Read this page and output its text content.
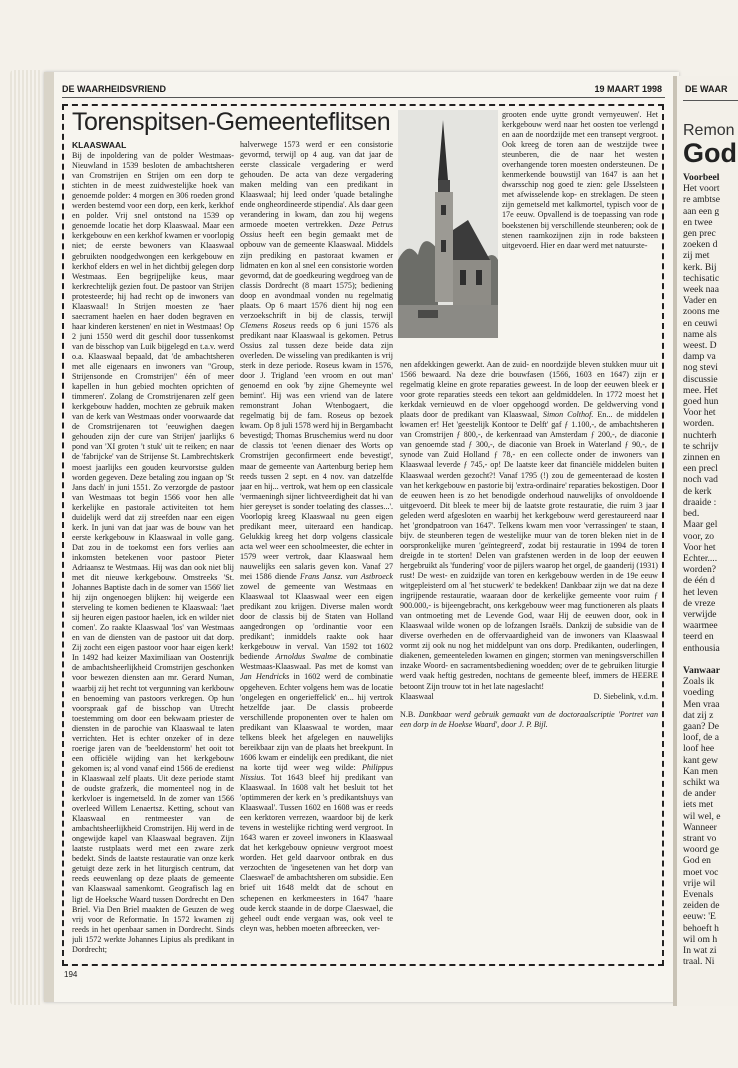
DE WAARHEIDSVRIEND	19 MAART 1998
Torenspitsen-Gemeenteflitsen

KLAASWAAL

Bij de inpoldering van de polder Westmaas-Nieuwland in 1539 besloten de ambachtsheren van Cromstrijen en Strijen om een dorp te stichten in de meest zuidwestelijke hoek van genoemde polder: 4 morgen en 306 roeden grond werden bestemd voor een dorp, een kerk, kerkhof en polder. Vrij snel ontstond na 1539 op genoemde locatie het dorp Klaaswaal. Maar een kerkgebouw en een kerkhof kwamen er voorlopig niet; de eerste bewoners van Klaaswaal gebruikten noodgedwongen een kerkgebouw en kerkhof elders en wel in het dichtbij gelegen dorp Westmaas. Een begrijpelijke keus, maar kerkrechtelijk gezien fout. De pastoor van Strijen protesteerde; hij had recht op de inwoners van Klaaswaal! In Strijen moesten ze 'haer saecrament haelen en haer doden begraven en haar kinderen kerstenen' en niet in Westmaas! Op 2 juni 1550 werd dit geschil door tussenkomst van de bisschop van Luik bijgelegd en t.a.v. werd o.a. Klaaswaal bepaald, dat 'de ambachtsheren met alle eigenaars en inwoners van "Group, Strijensonde en Cromstrijen" één of meer kapellen in hun gebied mochten oprichten of timmeren'. Zolang de Cromstrijenaren zelf geen kerkgebouw hadden, mochten ze gebruik maken van de kerk van Westmaas onder voorwaarde dat de Cromstrijenaren tot 'eeuwighen daegen gehouden zijn der cure van Strijen' jaarlijks 6 pond van 'XI groten 't stuk' uit te reiken; en naar de 'fabrijcke' van de Strijense St. Lambrechtskerk moest jaarlijks een gouden keurvorstse gulden worden gegeven. Deze betaling zou ingaan op 'St Jans dach' in juni 1551. Zo verzorgde de pastoor van Westmaas tot begin 1566 voor hen alle kerkelijke en pastorale activiteiten tot hem duidelijk werd dat zij streefden naar een eigen kerk. In juni van dat jaar was de bouw van het eerste kerkgebouw in Klaaswaal in volle gang. Dat zou in de toekomst een fors verlies aan inkomsten betekenen voor pastoor Pieter Adriaansz te Westmaas. Hij was dan ook niet blij met dit nieuwe kerkgebouw. Omstreeks 'St. Johannes Baptiste dach in de somer van 1566' liet hij zijn ongenoegen blijken: hij weigerde een sterveling te komen bedienen te Klaaswaal: 'laet sij heuren eigen pastoor haelen, ick en wilder niet comen'. Zo raakte Klaaswaal 'los' van Westmaas en van de diensten van de pastoor uit dat dorp. Zij zocht een eigen pastoor voor haar eigen kerk! In 1492 had keizer Maximiliaan van Oostenrijk de ambachtsheerlijkheid Cromstrijen geschonken voor bewezen diensten aan mr. Gerard Numan, waarbij zij het recht tot vergunning van kerkbouw en benoeming van pastoors verkregen. Op hun voorspraak gaf de bisschop van Utrecht toestemming om door een bekwaam priester de diensten in de parochie van Klaaswaal te laten verrichten. Het is echter onzeker of in deze roerige jaren van de 'beeldenstorm' het ooit tot een officiële wijding van het kerkgebouw gekomen is; al vond vanaf eind 1566 de eredienst in Klaaswaal zelf plaats. Uit deze periode stamt de oudste grafzerk, die momenteel nog in de kerkvloer is ingemetseld. In de zomer van 1566 overleed Willem Lenaertsz. Ketting, schout van Klaaswaal en rentmeester van de ambachtsheerlijkheid Cromstrijen. Hij werd in de ongewijde kapel van Klaaswaal begraven. Zijn laatste rustplaats werd met een zware zerk bedekt. Sinds de laatste restauratie van onze kerk getuigt deze zerk in het liturgisch centrum, dat reeds eeuwenlang op deze plaats de gemeente van Klaaswaal samenkomt. Geografisch lag en ligt de Hoeksche Waard tussen Dordrecht en Den Briel. Via Den Briel maakten de Geuzen de weg vrij voor de Reformatie. In 1572 kwamen zij reeds in het openbaar samen in Dordrecht. Sinds juli 1572 werkte Johannes Lipius als predikant in Dordrecht;

halverwege 1573 werd er een consistorie gevormd, terwijl op 4 aug. van dat jaar de eerste classicale vergadering er werd gehouden. De acta van deze vergadering maken melding van een predikant in Klaaswaal; hij leed onder 'quade betalinghe ende ongheordineerde stipendia'. Als daar geen verandering in kwam, dan zou hij wegens armoede moeten vertrekken. Deze Petrus Ossius heeft een begin gemaakt met de opbouw van de gemeente Klaaswaal. Middels zijn prediking en pastoraat kwamen er lidmaten en kon al snel een consistorie worden gevormd, dat de goedkeuring wegdroeg van de classis Dordrecht (8 maart 1575); bediening doop en avondmaal vonden nu regelmatig plaats. Op 6 maart 1576 dient hij nog een verzoekschrift in bij de classis, terwijl Clemens Roseus reeds op 6 juni 1576 als predikant naar Klaaswaal is gekomen. Petrus Ossius zal tussen deze beide data zijn overleden. De wisseling van predikanten is vrij sterk in deze periode. Roseus kwam in 1576, door J. Trigland 'een vroom en out man' genoemd en ook 'by zijne Ghemeynte wel bemint'. Hij was een vriend van de latere remonstrant Johan Wtenbogaert, die regelmatig bij de fam. Roseus op bezoek kwam. Op 8 juli 1578 werd hij in Bergambacht bevestigd; Thomas Bruschemius werd nu door de classis tot 'eenen dienaer des Worts op Cromstrijen geconfirmeert ende bevestigt', maar de gemeente van Aartenburg beriep hem reeds tussen 2 sept. en 4 nov. van datzelfde jaar en hij... vertrok, wat hem op een classicale 'vermaeningh sijner lichtveerdigheit dat hi van hier gereyset is sonder toelating des classes...'. Voorlopig kreeg Klaaswaal nu geen eigen predikant meer, uiteraard een handicap. Gelukkig kreeg het dorp volgens classicale acta wel weer een schoolmeester, die echter in 1579 weer vertrok, daar Klaaswaal hem nauwelijks een salaris geven kon. Vanaf 27 mei 1586 diende Frans Jansz. van Astbroeck zowel de gemeente van Westmaas en Klaaswaal tot Klaaswaal weer een eigen predikant zou krijgen. Diverse malen wordt door de classis bij de Staten van Holland aangedrongen op 'ordinantie voor een predikant'; inmiddels raakte ook haar kerkgebouw in verval. Van 1592 tot 1602 bediende Arnoldus Swalme de combinatie Westmaas-Klaaswaal. Pas met de komst van Jan Hendricks in 1602 werd de combinatie opgeheven. Echter volgens hem was de locatie 'ongelegen en ongerieffelick' en... hij vertrok hetzelfde jaar. De classis probeerde verschillende proponenten over te halen om predikant van Klaaswaal te worden, maar telkens bleek het afgelegen en nauwelijks bereikbaar zijn van de plaats het breekpunt. In 1606 kwam er eindelijk een predikant, die niet na korte tijd weer weg wilde: Philippus Nissius. Tot 1643 bleef hij predikant van Klaaswaal. In 1608 valt het besluit tot het 'optimmeren der kerk en 's predikantshuys van Klaaswaal'. Tussen 1602 en 1608 was er reeds een kerktoren verrezen, waardoor bij de kerk tevens in westelijke richting werd vergroot. In 1643 waren er zoveel inwoners in Klaaswaal dat het kerkgebouw opnieuw vergroot moest worden. Het geld daarvoor ontbrak en dus verzochten de 'ingesetenen van het dorp van Claeswael' de ambachtsheren om subsidie. Een brief uit 1648 meldt dat de schout en schepenen en kerkmeesters in 1647 'haare oude kerck staande in de dorpe Claeswael, die geheel oudt ende vergaan was, ook veel te cleyn was, hebben moeten afbreecken, ver-

grooten ende uytte grondt vernyeuwen'. Het kerkgebouw werd naar het oosten toe verlengd en aan de noordzijde met een transept vergroot. Ook kreeg de toren aan de westzijde twee steunberen, die de naar het westen overhangende toren moesten ondersteunen. De kenmerkende bouwstijl van 1647 is aan het dwarsschip nog goed te zien: gele IJsselsteen met afwisselende kop- en streklagen. De steen zijn gemetseld met kalkmortel, typisch voor de 17e eeuw. Opvallend is de toepassing van rode boekstenen bij verschillende steunberen; ook de stenen raamkozijnen zijn in rode baksteen uitgevoerd. Hier en daar werd met natuurste-

nen afdekkingen gewerkt. Aan de zuid- en noordzijde bleven stukken muur uit 1566 bewaard. Na deze drie bouwfasen (1566, 1603 en 1647) zijn er regelmatig kleine en grote reparaties geweest. In de loop der eeuwen bleek er voor grote reparaties steeds een tekort aan geldmiddelen. In 1772 moest het kerkdak vernieuwd en de vloer opgehoogd worden. De geldwerving vond plaats door de predikant van Klaaswaal, Simon Colthof. En... de middelen kwamen er! Het 'geestelijk Kontoor te Delft' gaf ƒ 1.100,-, de ambachtsheren van Cromstrijen ƒ 800,-, de kerkenraad van Amsterdam ƒ 200,-, de diaconie van genoemde stad ƒ 300,-, de diaconie van Broek in Waterland ƒ 90,-, de synode van Zuid Holland ƒ 78,- en een collecte onder de inwoners van Klaaswaal leverde ƒ 745,- op! De laatste keer dat financiële middelen buiten Klaaswaal werden gezocht?! Vanaf 1795 (!) zou de gemeenteraad de kosten van het kerkgebouw en pastorie bij 'extra-ordinaire' reparaties bekostigen. Door de eeuwen heen is zo het benodigde onderhoud nauwelijks of onvoldoende uitgevoerd. Dit bleek te meer bij de laatste grote restauratie, die ruim 3 jaar geleden werd afgesloten en waarbij het kerkgebouw werd gerestaureerd naar het 'grondpatroon van 1647'. Telkens kwam men voor 'verrassingen' te staan, bijv. de steunberen tegen de westelijke muur van de toren bleken niet in de oorspronkelijke muren 'geïntegreerd', zodat bij restauratie in 1994 de toren dreigde in te storten! Delen van grafstenen werden in de loop der eeuwen hergebruikt als 'fundering' voor de pijlers waarop het orgel, de gaanderij (1931) rust! De west- en zuidzijde van toren en kerkgebouw werden in de 19e eeuw witgepleisterd om al 'het stucwerk' te bedekken! Dankbaar zijn we dat na deze ingrijpende restauratie, waaraan door de kerkelijke gemeente voor ruim ƒ 900.000,- is bijeengebracht, ons kerkgebouw weer mag functioneren als plaats van ontmoeting met de Levende God, waar Hij de eeuwen door, ook in Klaaswaal wilde wonen op de lofzangen Israëls. Dankzij de subsidie van de diverse overheden en de offervaardigheid van de inwoners van Klaaswaal vormt zij ook nu nog het middelpunt van ons dorp. Predikanten, ouderlingen, diakenen, gemeenteleden kwamen en gingen; stormen van meningsverschillen inzake Woord- en sacramentsbediening woedden; over de te gebruiken liturgie werd vaak heftig gestreden, nochtans de gemeente bleef, immers de HEERE betoont Zijn trouw tot in het late nageslacht!

Klaaswaal	D. Siebelink, v.d.m.

N.B. Dankbaar werd gebruik gemaakt van de doctoraalscriptie 'Portret van een dorp in de Hoekse Waard', door J. P. Bijl.

194
DE WAAR
Remon
God
Voorbeel
Het voort
re ambtse
aan een g
en twee
gen prec
zoeken d
zij met
kerk. Bij
techisatic
week naa
Vader en
zoons me
en ceuwi
name als
weest. D
damp va
nog stevi
discussie
mee. Het
goed hun
Voor het
worden.
nuchterh
te schrijv
zinnen en
een precl
noch vad
de kerk
draaide :
bed.
Maar gel
voor, zo
Voor het
Echter....
worden?
de één d
het leven
de vreze
verwijde
waarmee
teerd en
enthousia

Vanwaar
Zoals ik
voeding
Men vraa
dat zij z
gaan? De
loof, de a
loof hee
kant gew
Kan men
schikt wa
de ander
iets met
wil wel, e
Wanneer
strant vo
woord ge
God en
moet voc
vrije wil
Evenals
zeiden de
eeuw: 'E
behoeft h
wil om h
In wat zi
traal. Ni
